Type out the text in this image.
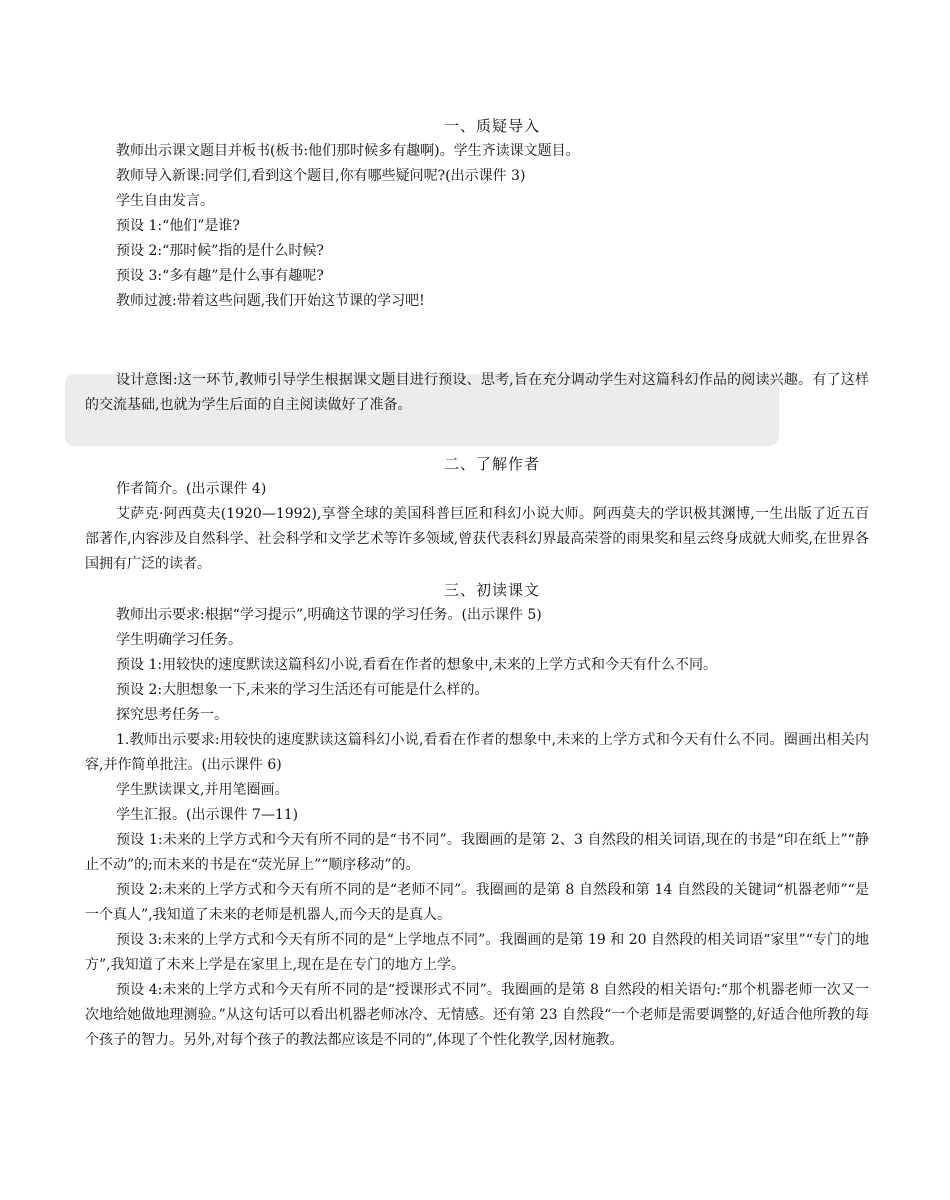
一、质疑导入
教师出示课文题目并板书(板书:他们那时候多有趣啊)。学生齐读课文题目。
教师导入新课:同学们,看到这个题目,你有哪些疑问呢?(出示课件 3)
学生自由发言。
预设 1:“他们”是谁?
预设 2:“那时候”指的是什么时候?
预设 3:“多有趣”是什么事有趣呢?
教师过渡:带着这些问题,我们开始这节课的学习吧!
设计意图:这一环节,教师引导学生根据课文题目进行预设、思考,旨在充分调动学生对这篇科幻作品的阅读兴趣。有了这样的交流基础,也就为学生后面的自主阅读做好了准备。
二、了解作者
作者简介。(出示课件 4)
艾萨克·阿西莫夫(1920—1992),享誉全球的美国科普巨匠和科幻小说大师。阿西莫夫的学识极其渊博,一生出版了近五百部著作,内容涉及自然科学、社会科学和文学艺术等许多领域,曾获代表科幻界最高荣誉的雨果奖和星云终身成就大师奖,在世界各国拥有广泛的读者。
三、初读课文
教师出示要求:根据“学习提示”,明确这节课的学习任务。(出示课件 5)
学生明确学习任务。
预设 1:用较快的速度默读这篇科幻小说,看看在作者的想象中,未来的上学方式和今天有什么不同。
预设 2:大胆想象一下,未来的学习生活还有可能是什么样的。
探究思考任务一。
1.教师出示要求:用较快的速度默读这篇科幻小说,看看在作者的想象中,未来的上学方式和今天有什么不同。圈画出相关内容,并作简单批注。(出示课件 6)
学生默读课文,并用笔圈画。
学生汇报。(出示课件 7—11)
预设 1:未来的上学方式和今天有所不同的是“书不同”。我圈画的是第 2、3 自然段的相关词语,现在的书是“印在纸上”“静止不动”的;而未来的书是在“荧光屏上”“顺序移动”的。
预设 2:未来的上学方式和今天有所不同的是“老师不同”。我圈画的是第 8 自然段和第 14 自然段的关键词“机器老师”“是一个真人”,我知道了未来的老师是机器人,而今天的是真人。
预设 3:未来的上学方式和今天有所不同的是“上学地点不同”。我圈画的是第 19 和 20 自然段的相关词语“家里”“专门的地方”,我知道了未来上学是在家里上,现在是在专门的地方上学。
预设 4:未来的上学方式和今天有所不同的是“授课形式不同”。我圈画的是第 8 自然段的相关语句:“那个机器老师一次又一次地给她做地理测验。”从这句话可以看出机器老师冰冷、无情感。还有第 23 自然段“一个老师是需要调整的,好适合他所教的每个孩子的智力。另外,对每个孩子的教法都应该是不同的”,体现了个性化教学,因材施教。
